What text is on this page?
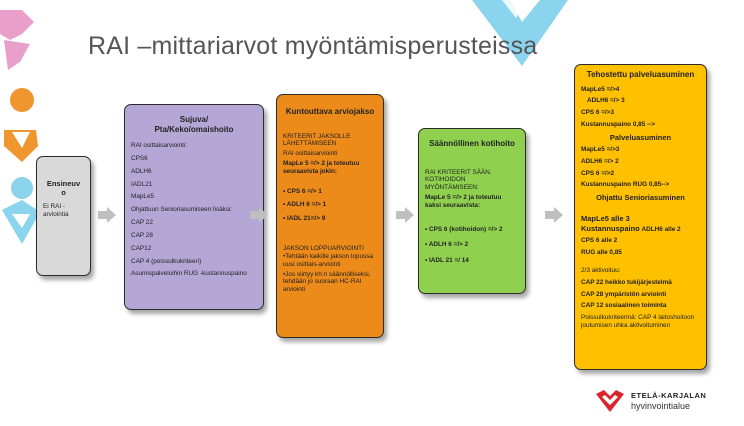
RAI –mittariarvot myöntämisperusteissa
Ensineuv
o
Ei RAI -
arviointia
Sujuva/
Pta/Keko/omaishoito
RAI osittaisarviointi:
CPS6
ADLH6
IADL21
MapLe5
Ohjattuun Senioriasumiseen lisäksi:
CAP 22
CAP 28
CAP12
CAP 4 (poissulkukriteeri)
Asumispalveluihin RUG -kustannuspaino
Kuntouttava arviojakso
KRITEERIT JAKSOLLE LÄHETTÄMISEEN
RAI osittaisarviointi
MapLe 5 =/> 2 ja toteutuu seuraavista jokin:
• CPS 6 =/> 1
• ADLH 6 =/> 1
• IADL 21=/> 9
JAKSON LOPPUARVIOINTI
•Tehtään kaikille jakson lopussa uusi osittais-arviointi
•Jos siirtyy kh:n säännölliseksi, tehdään jo suoraan HC-RAI arviointi
Säännöllinen kotihoito
RAI KRITEERIT SÄÄN. KOTIHOIDON MYÖNTÄMISEEN:
MapLe 5 =/> 2 ja toteutuu kaksi seuraavista:
• CPS 6 (kotihoidon) =/> 2
• ADLH 6 =/> 2
• IADL 21 =/ 14
Tehostettu palveluasuminen
MapLe5 =/>4
ADLH6 =/> 3
CPS 6 =/>3
Kustannuspaino 0,85 -->
Palveluasuminen
MapLe5 =/>3
ADLH6 =/> 2
CPS 6 =/>2
Kustannuspaino RUG 0,85-->
Ohjattu Senioriasuminen
MapLe5 alle 3
Kustannuspaino ADLH6 alle 2
CPS 6 alle 2
RUG alle 0,85
2/3 aktivoituu:
CAP 22 heikko tukijärjestelmä
CAP 28 ympäristön arviointi
CAP 12 sosiaalinen toiminta
Poissulkukriteerinä: CAP 4 laitoshoitoon joutumisen uhka aktivoituminen
ETELÄ-KARJALAN
hyvinvointialue
